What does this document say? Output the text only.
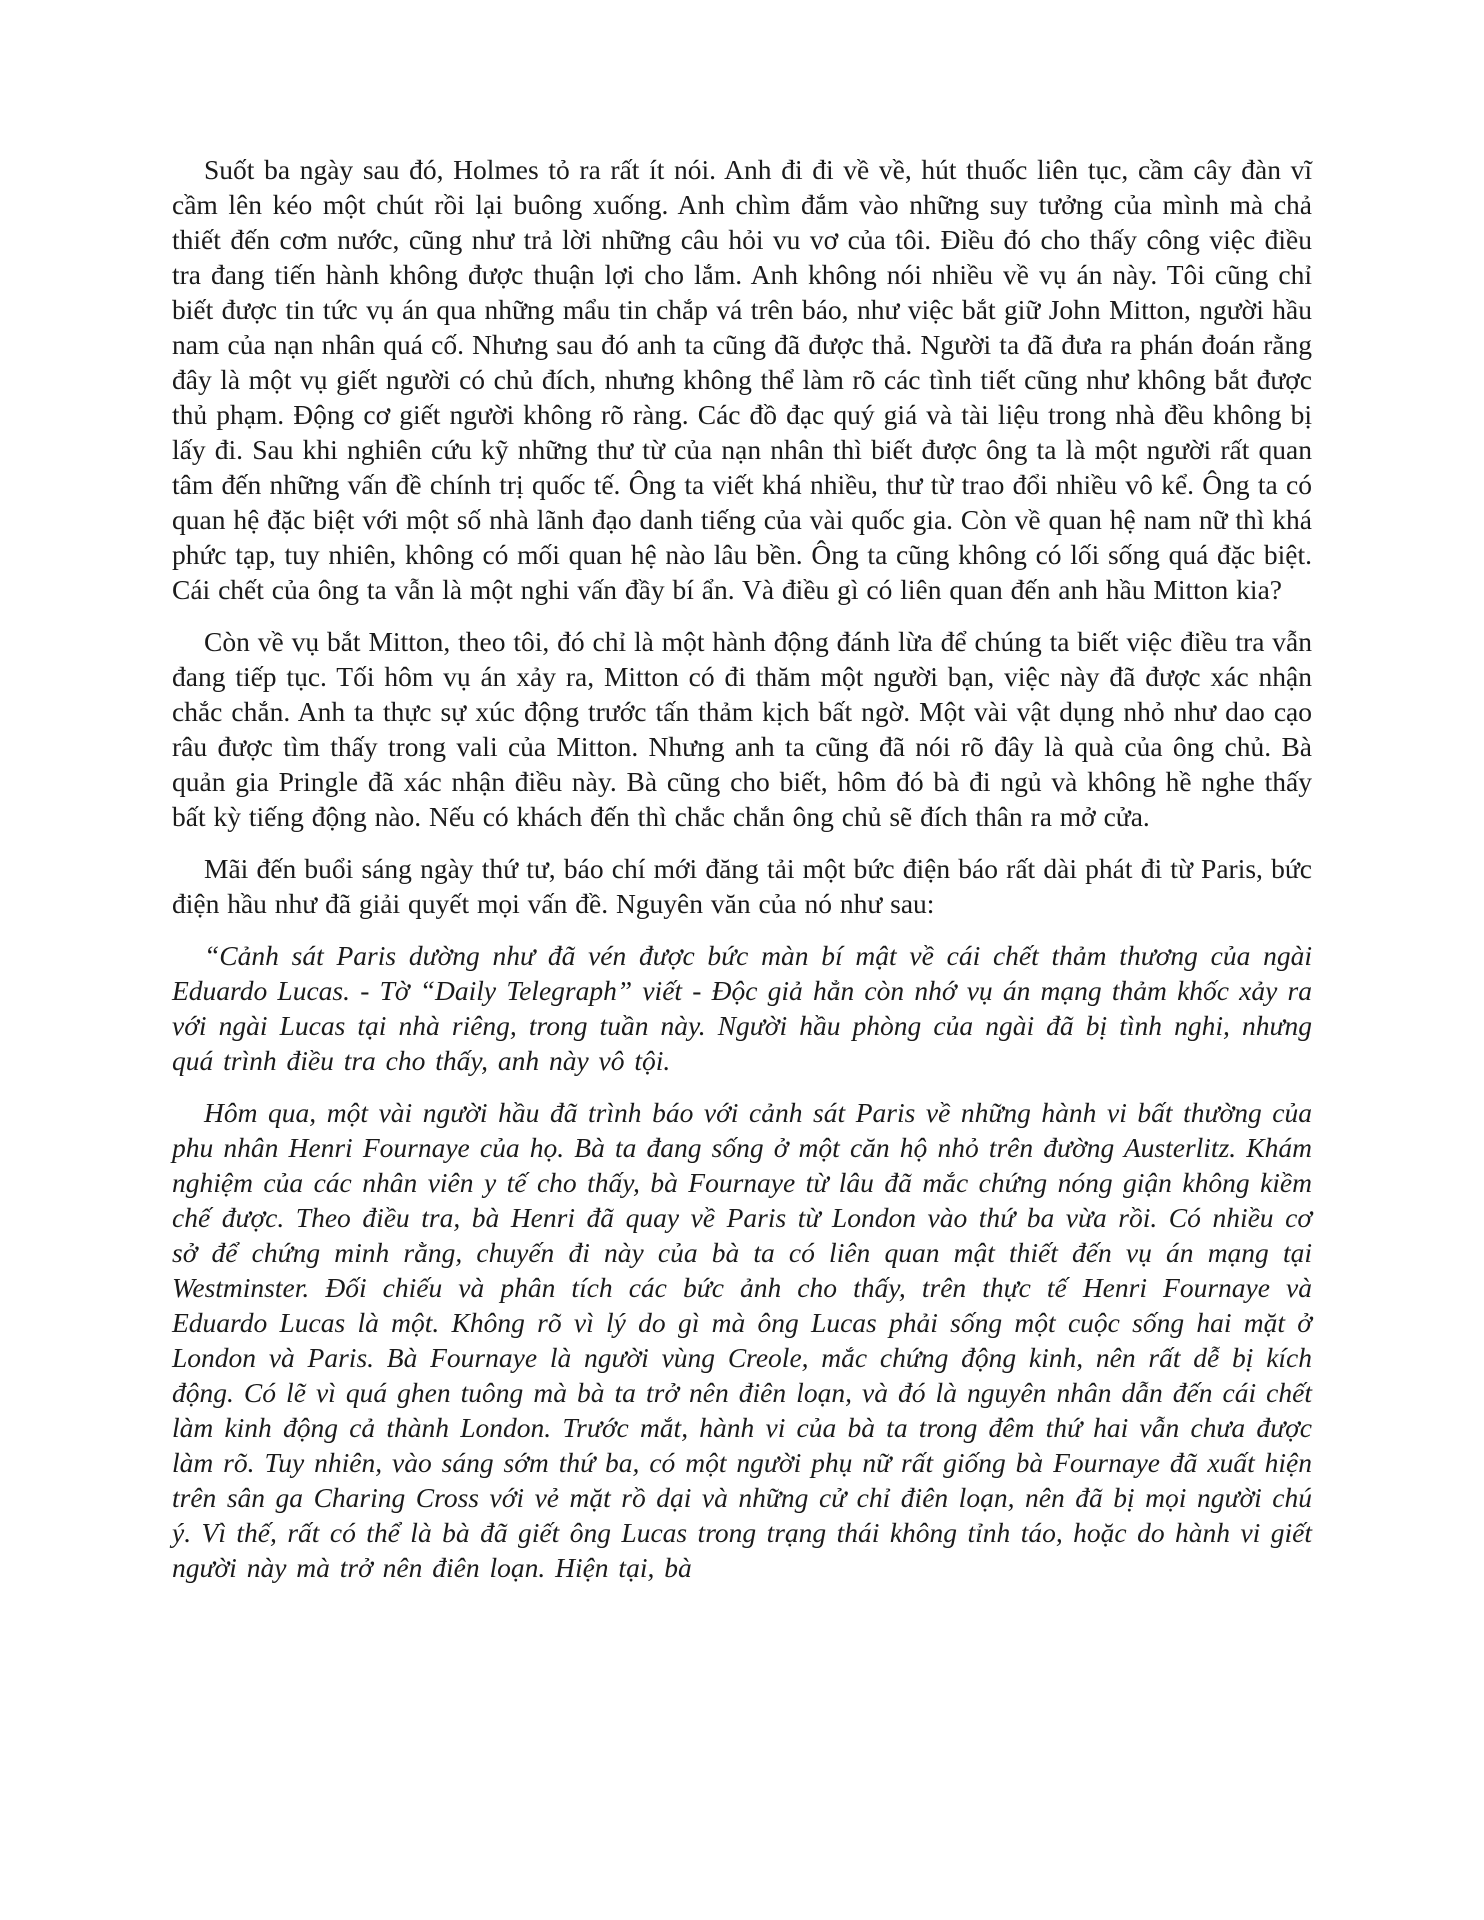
Suốt ba ngày sau đó, Holmes tỏ ra rất ít nói. Anh đi đi về về, hút thuốc liên tục, cầm cây đàn vĩ cầm lên kéo một chút rồi lại buông xuống. Anh chìm đắm vào những suy tưởng của mình mà chả thiết đến cơm nước, cũng như trả lời những câu hỏi vu vơ của tôi. Điều đó cho thấy công việc điều tra đang tiến hành không được thuận lợi cho lắm. Anh không nói nhiều về vụ án này. Tôi cũng chỉ biết được tin tức vụ án qua những mẩu tin chắp vá trên báo, như việc bắt giữ John Mitton, người hầu nam của nạn nhân quá cố. Nhưng sau đó anh ta cũng đã được thả. Người ta đã đưa ra phán đoán rằng đây là một vụ giết người có chủ đích, nhưng không thể làm rõ các tình tiết cũng như không bắt được thủ phạm. Động cơ giết người không rõ ràng. Các đồ đạc quý giá và tài liệu trong nhà đều không bị lấy đi. Sau khi nghiên cứu kỹ những thư từ của nạn nhân thì biết được ông ta là một người rất quan tâm đến những vấn đề chính trị quốc tế. Ông ta viết khá nhiều, thư từ trao đổi nhiều vô kể. Ông ta có quan hệ đặc biệt với một số nhà lãnh đạo danh tiếng của vài quốc gia. Còn về quan hệ nam nữ thì khá phức tạp, tuy nhiên, không có mối quan hệ nào lâu bền. Ông ta cũng không có lối sống quá đặc biệt. Cái chết của ông ta vẫn là một nghi vấn đầy bí ẩn. Và điều gì có liên quan đến anh hầu Mitton kia?

Còn về vụ bắt Mitton, theo tôi, đó chỉ là một hành động đánh lừa để chúng ta biết việc điều tra vẫn đang tiếp tục. Tối hôm vụ án xảy ra, Mitton có đi thăm một người bạn, việc này đã được xác nhận chắc chắn. Anh ta thực sự xúc động trước tấn thảm kịch bất ngờ. Một vài vật dụng nhỏ như dao cạo râu được tìm thấy trong vali của Mitton. Nhưng anh ta cũng đã nói rõ đây là quà của ông chủ. Bà quản gia Pringle đã xác nhận điều này. Bà cũng cho biết, hôm đó bà đi ngủ và không hề nghe thấy bất kỳ tiếng động nào. Nếu có khách đến thì chắc chắn ông chủ sẽ đích thân ra mở cửa.

Mãi đến buổi sáng ngày thứ tư, báo chí mới đăng tải một bức điện báo rất dài phát đi từ Paris, bức điện hầu như đã giải quyết mọi vấn đề. Nguyên văn của nó như sau:

“Cảnh sát Paris dường như đã vén được bức màn bí mật về cái chết thảm thương của ngài Eduardo Lucas. - Tờ “Daily Telegraph” viết - Độc giả hẳn còn nhớ vụ án mạng thảm khốc xảy ra với ngài Lucas tại nhà riêng, trong tuần này. Người hầu phòng của ngài đã bị tình nghi, nhưng quá trình điều tra cho thấy, anh này vô tội.

Hôm qua, một vài người hầu đã trình báo với cảnh sát Paris về những hành vi bất thường của phu nhân Henri Fournaye của họ. Bà ta đang sống ở một căn hộ nhỏ trên đường Austerlitz. Khám nghiệm của các nhân viên y tế cho thấy, bà Fournaye từ lâu đã mắc chứng nóng giận không kiềm chế được. Theo điều tra, bà Henri đã quay về Paris từ London vào thứ ba vừa rồi. Có nhiều cơ sở để chứng minh rằng, chuyến đi này của bà ta có liên quan mật thiết đến vụ án mạng tại Westminster. Đối chiếu và phân tích các bức ảnh cho thấy, trên thực tế Henri Fournaye và Eduardo Lucas là một. Không rõ vì lý do gì mà ông Lucas phải sống một cuộc sống hai mặt ở London và Paris. Bà Fournaye là người vùng Creole, mắc chứng động kinh, nên rất dễ bị kích động. Có lẽ vì quá ghen tuông mà bà ta trở nên điên loạn, và đó là nguyên nhân dẫn đến cái chết làm kinh động cả thành London. Trước mắt, hành vi của bà ta trong đêm thứ hai vẫn chưa được làm rõ. Tuy nhiên, vào sáng sớm thứ ba, có một người phụ nữ rất giống bà Fournaye đã xuất hiện trên sân ga Charing Cross với vẻ mặt rồ dại và những cử chỉ điên loạn, nên đã bị mọi người chú ý. Vì thế, rất có thể là bà đã giết ông Lucas trong trạng thái không tỉnh táo, hoặc do hành vi giết người này mà trở nên điên loạn. Hiện tại, bà
